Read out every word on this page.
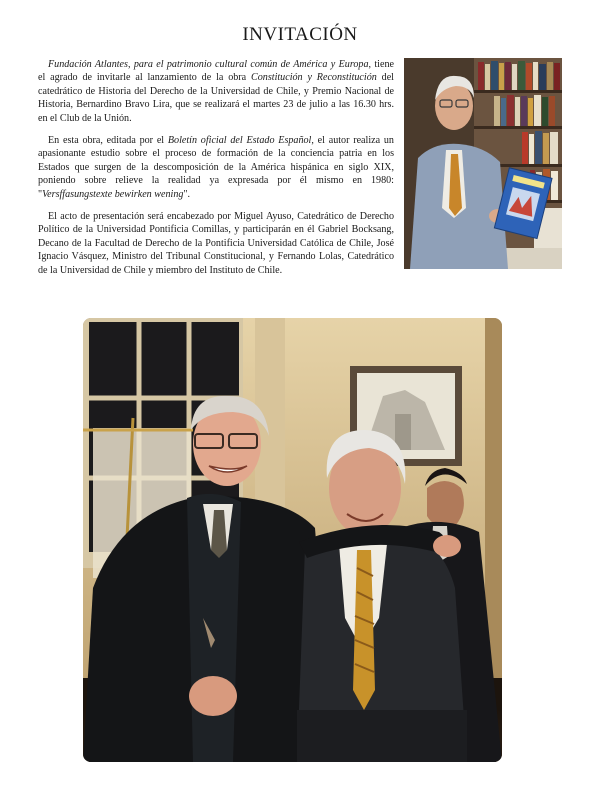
INVITACIÓN

Fundación Atlantes, para el patrimonio cultural común de América y Europa, tiene el agrado de invitarle al lanzamiento de la obra Constitución y Reconstitución del catedrático de Historia del Derecho de la Universidad de Chile, y Premio Nacional de Historia, Bernardino Bravo Lira, que se realizará el martes 23 de julio a las 16.30 hrs. en el Club de la Unión.

En esta obra, editada por el Boletín oficial del Estado Español, el autor realiza un apasionante estudio sobre el proceso de formación de la conciencia patria en los Estados que surgen de la descomposición de la América hispánica en siglo XIX, poniendo sobre relieve la realidad ya expresada por él mismo en 1980: "Versffasungstexte bewirken wening".

El acto de presentación será encabezado por Miguel Ayuso, Catedrático de Derecho Político de la Universidad Pontificia Comillas, y participarán en él Gabriel Bocksang, Decano de la Facultad de Derecho de la Pontificia Universidad Católica de Chile, José Ignacio Vásquez, Ministro del Tribunal Constitucional, y Fernando Lolas, Catedrático de la Universidad de Chile y miembro del Instituto de Chile.
